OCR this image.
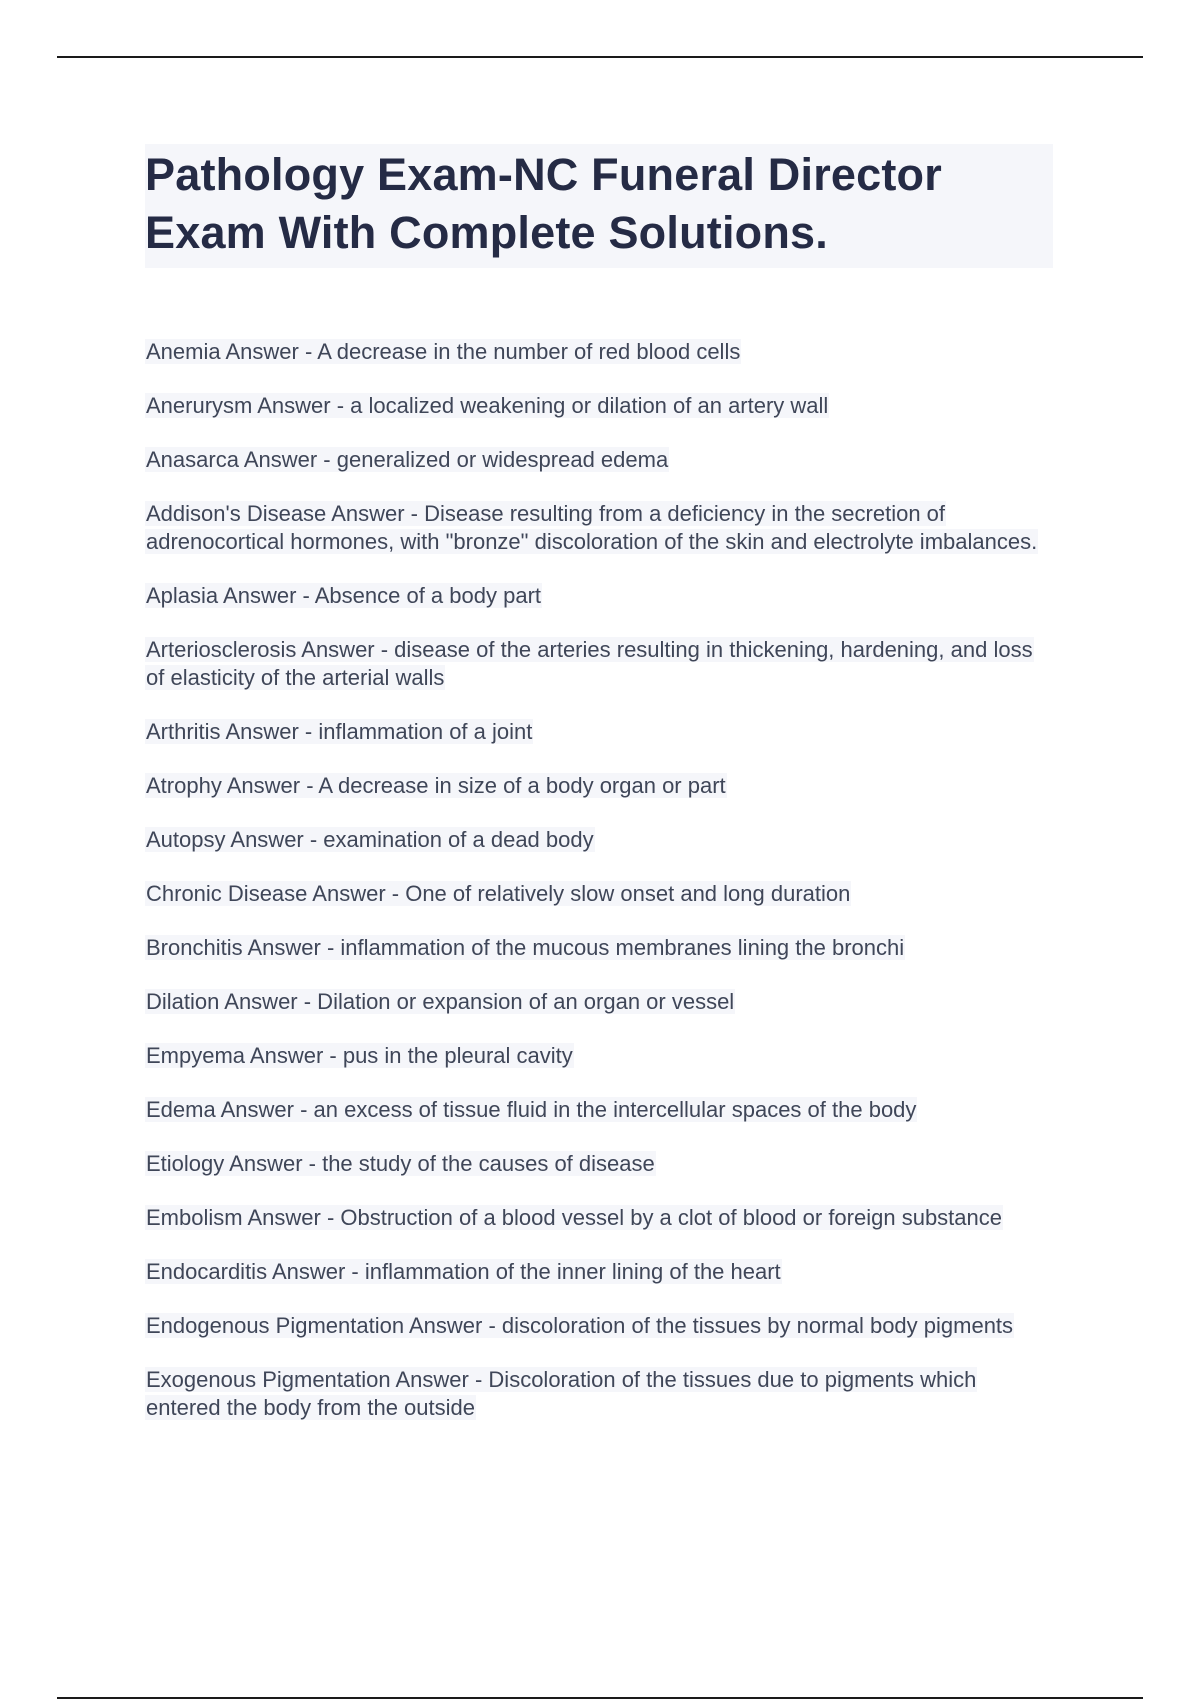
Pathology Exam-NC Funeral Director Exam With Complete Solutions.

Anemia Answer - A decrease in the number of red blood cells

Anerurysm Answer - a localized weakening or dilation of an artery wall

Anasarca Answer - generalized or widespread edema

Addison's Disease Answer - Disease resulting from a deficiency in the secretion of adrenocortical hormones, with "bronze" discoloration of the skin and electrolyte imbalances.

Aplasia Answer - Absence of a body part

Arteriosclerosis Answer - disease of the arteries resulting in thickening, hardening, and loss of elasticity of the arterial walls

Arthritis Answer - inflammation of a joint

Atrophy Answer - A decrease in size of a body organ or part

Autopsy Answer - examination of a dead body

Chronic Disease Answer - One of relatively slow onset and long duration

Bronchitis Answer - inflammation of the mucous membranes lining the bronchi

Dilation Answer - Dilation or expansion of an organ or vessel

Empyema Answer - pus in the pleural cavity

Edema Answer - an excess of tissue fluid in the intercellular spaces of the body

Etiology Answer - the study of the causes of disease

Embolism Answer - Obstruction of a blood vessel by a clot of blood or foreign substance

Endocarditis Answer - inflammation of the inner lining of the heart

Endogenous Pigmentation Answer - discoloration of the tissues by normal body pigments

Exogenous Pigmentation Answer - Discoloration of the tissues due to pigments which entered the body from the outside
